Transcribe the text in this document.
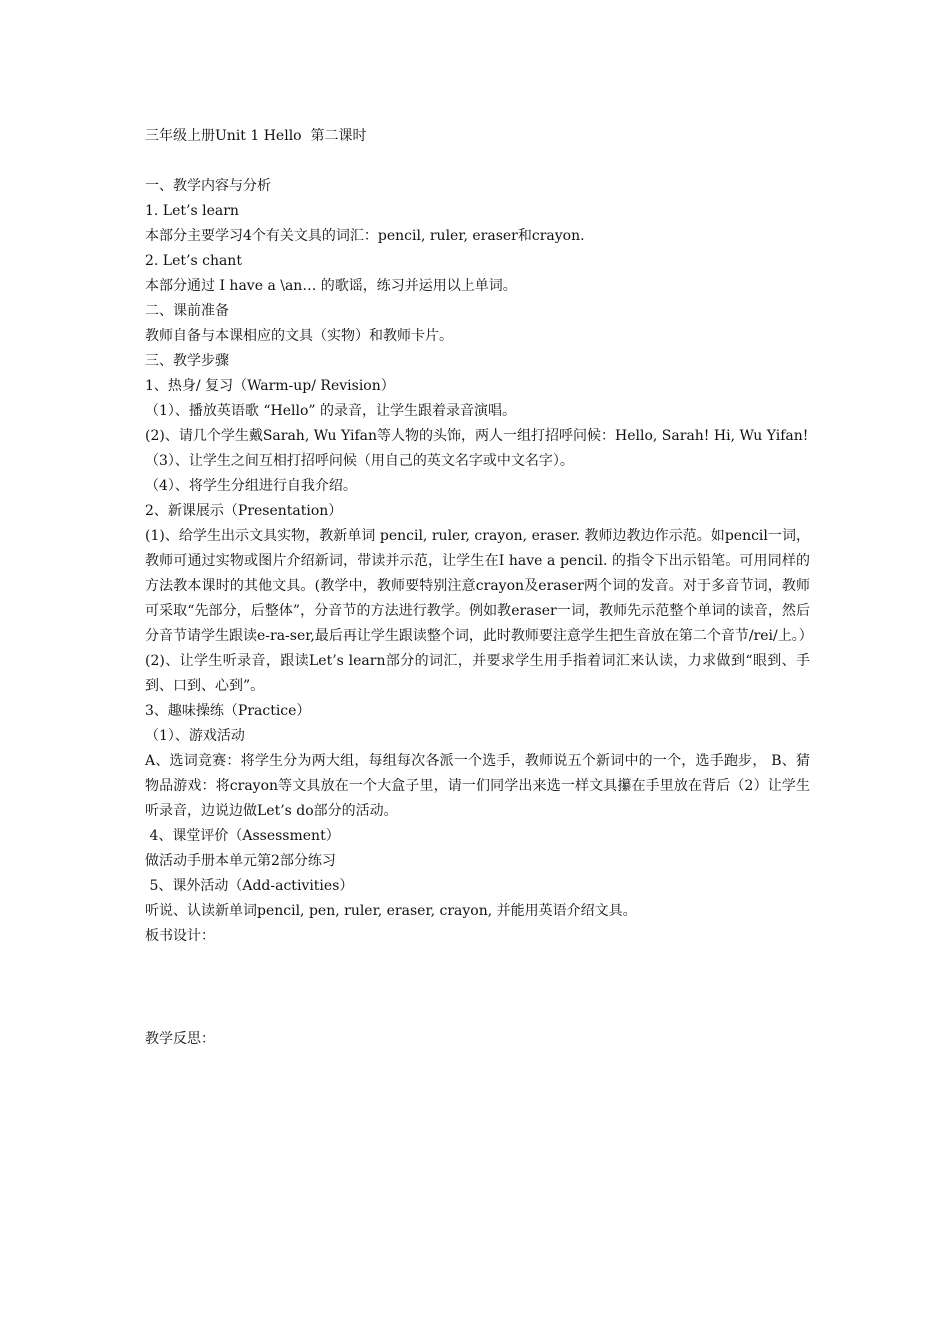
三年级上册Unit 1 Hello  第二课时

一、教学内容与分析

1. Let’s learn

本部分主要学习4个有关文具的词汇：pencil, ruler, eraser和crayon.

2. Let’s chant

本部分通过 I have a \an… 的歌谣，练习并运用以上单词。

二、课前准备

教师自备与本课相应的文具（实物）和教师卡片。

三、教学步骤

1、热身/ 复习（Warm-up/ Revision）

（1）、播放英语歌 “Hello” 的录音，让学生跟着录音演唱。

(2)、请几个学生戴Sarah, Wu Yifan等人物的头饰，两人一组打招呼问候：Hello, Sarah! Hi, Wu Yifan!

（3）、让学生之间互相打招呼问候（用自己的英文名字或中文名字）。

（4）、将学生分组进行自我介绍。

2、新课展示（Presentation）

(1)、给学生出示文具实物，教新单词 pencil, ruler, crayon, eraser. 教师边教边作示范。如pencil一词，教师可通过实物或图片介绍新词，带读并示范，让学生在I have a pencil. 的指令下出示铅笔。可用同样的方法教本课时的其他文具。(教学中，教师要特别注意crayon及eraser两个词的发音。对于多音节词，教师可采取“先部分，后整体”，分音节的方法进行教学。例如教eraser一词，教师先示范整个单词的读音，然后分音节请学生跟读e-ra-ser,最后再让学生跟读整个词，此时教师要注意学生把生音放在第二个音节/rei/上。）

(2)、让学生听录音，跟读Let’s learn部分的词汇，并要求学生用手指着词汇来认读，力求做到“眼到、手到、口到、心到”。

3、趣味操练（Practice）

（1）、游戏活动

A、选词竞赛：将学生分为两大组，每组每次各派一个选手，教师说五个新词中的一个，选手跑步， B、猜物品游戏：将crayon等文具放在一个大盒子里，请一们同学出来选一样文具攥在手里放在背后（2）让学生听录音，边说边做Let’s do部分的活动。

4、课堂评价（Assessment）

做活动手册本单元第2部分练习

5、课外活动（Add-activities）

听说、认读新单词pencil, pen, ruler, eraser, crayon, 并能用英语介绍文具。

板书设计：

教学反思：
